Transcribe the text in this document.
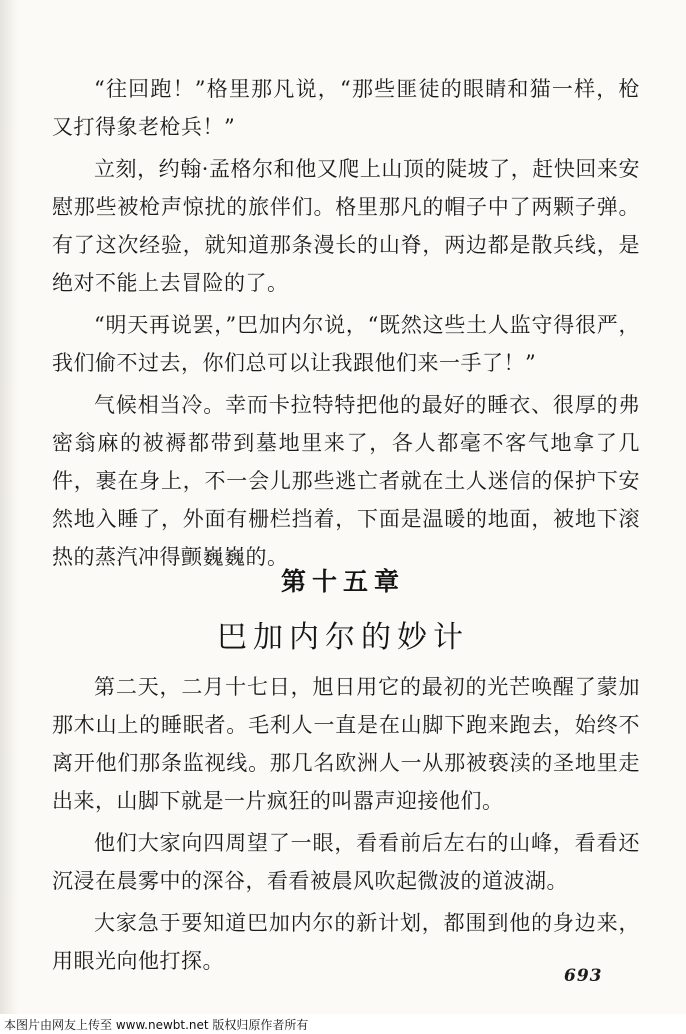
“往回跑！”格里那凡说，“那些匪徒的眼睛和猫一样，枪又打得象老枪兵！”

立刻，约翰·孟格尔和他又爬上山顶的陡坡了，赶快回来安慰那些被枪声惊扰的旅伴们。格里那凡的帽子中了两颗子弹。有了这次经验，就知道那条漫长的山脊，两边都是散兵线，是绝对不能上去冒险的了。

“明天再说罢，”巴加内尔说，“既然这些土人监守得很严，我们偷不过去，你们总可以让我跟他们来一手了！”

气候相当冷。幸而卡拉特特把他的最好的睡衣、很厚的弗密翁麻的被褥都带到墓地里来了，各人都毫不客气地拿了几件，裹在身上，不一会儿那些逃亡者就在土人迷信的保护下安然地入睡了，外面有栅栏挡着，下面是温暖的地面，被地下滚热的蒸汽冲得颤巍巍的。

第十五章
巴加内尔的妙计

第二天，二月十七日，旭日用它的最初的光芒唤醒了蒙加那木山上的睡眠者。毛利人一直是在山脚下跑来跑去，始终不离开他们那条监视线。那几名欧洲人一从那被亵渎的圣地里走出来，山脚下就是一片疯狂的叫嚣声迎接他们。

他们大家向四周望了一眼，看看前后左右的山峰，看看还沉浸在晨雾中的深谷，看看被晨风吹起微波的道波湖。

大家急于要知道巴加内尔的新计划，都围到他的身边来，用眼光向他打探。

693
本图片由网友上传至 www.newbt.net 版权归原作者所有
